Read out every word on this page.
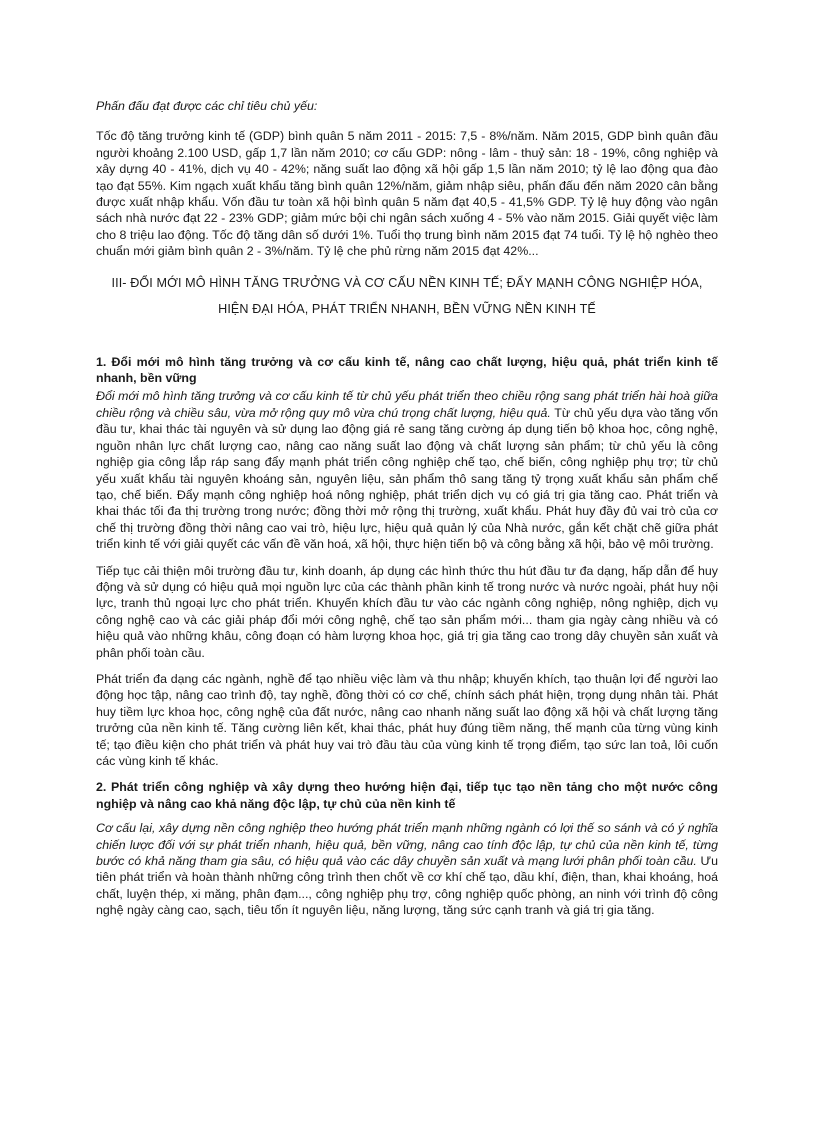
Phấn đấu đạt được các chỉ tiêu chủ yếu:

Tốc độ tăng trưởng kinh tế (GDP) bình quân 5 năm 2011 - 2015: 7,5 - 8%/năm. Năm 2015, GDP bình quân đầu người khoảng 2.100 USD, gấp 1,7 lần năm 2010; cơ cấu GDP: nông - lâm - thuỷ sản: 18 - 19%, công nghiệp và xây dựng 40 - 41%, dịch vụ 40 - 42%; năng suất lao động xã hội gấp 1,5 lần năm 2010; tỷ lệ lao động qua đào tạo đạt 55%. Kim ngạch xuất khẩu tăng bình quân 12%/năm, giảm nhập siêu, phấn đấu đến năm 2020 cân bằng được xuất nhập khẩu. Vốn đầu tư toàn xã hội bình quân 5 năm đạt 40,5 - 41,5% GDP. Tỷ lệ huy động vào ngân sách nhà nước đạt 22 - 23% GDP; giảm mức bội chi ngân sách xuống 4 - 5% vào năm 2015. Giải quyết việc làm cho 8 triệu lao động. Tốc độ tăng dân số dưới 1%. Tuổi thọ trung bình năm 2015 đạt 74 tuổi. Tỷ lệ hộ nghèo theo chuẩn mới giảm bình quân 2 - 3%/năm. Tỷ lệ che phủ rừng năm 2015 đạt 42%...

III- ĐỔI MỚI MÔ HÌNH TĂNG TRƯỞNG VÀ CƠ CẤU NỀN KINH TẾ; ĐẨY MẠNH CÔNG NGHIỆP HÓA,
HIỆN ĐẠI HÓA, PHÁT TRIỂN NHANH, BỀN VỮNG NỀN KINH TẾ

1. Đổi mới mô hình tăng trưởng và cơ cấu kinh tế, nâng cao chất lượng, hiệu quả, phát triển kinh tế nhanh, bền vững

Đổi mới mô hình tăng trưởng và cơ cấu kinh tế từ chủ yếu phát triển theo chiều rộng sang phát triển hài hoà giữa chiều rộng và chiều sâu, vừa mở rộng quy mô vừa chú trọng chất lượng, hiệu quả. Từ chủ yếu dựa vào tăng vốn đầu tư, khai thác tài nguyên và sử dụng lao động giá rẻ sang tăng cường áp dụng tiến bộ khoa học, công nghệ, nguồn nhân lực chất lượng cao, nâng cao năng suất lao động và chất lượng sản phẩm; từ chủ yếu là công nghiệp gia công lắp ráp sang đẩy mạnh phát triển công nghiệp chế tạo, chế biến, công nghiệp phụ trợ; từ chủ yếu xuất khẩu tài nguyên khoáng sản, nguyên liệu, sản phẩm thô sang tăng tỷ trọng xuất khẩu sản phẩm chế tạo, chế biến. Đẩy mạnh công nghiệp hoá nông nghiệp, phát triển dịch vụ có giá trị gia tăng cao. Phát triển và khai thác tối đa thị trường trong nước; đồng thời mở rộng thị trường, xuất khẩu. Phát huy đầy đủ vai trò của cơ chế thị trường đồng thời nâng cao vai trò, hiệu lực, hiệu quả quản lý của Nhà nước, gắn kết chặt chẽ giữa phát triển kinh tế với giải quyết các vấn đề văn hoá, xã hội, thực hiện tiến bộ và công bằng xã hội, bảo vệ môi trường.

Tiếp tục cải thiện môi trường đầu tư, kinh doanh, áp dụng các hình thức thu hút đầu tư đa dạng, hấp dẫn để huy động và sử dụng có hiệu quả mọi nguồn lực của các thành phần kinh tế trong nước và nước ngoài, phát huy nội lực, tranh thủ ngoại lực cho phát triển. Khuyến khích đầu tư vào các ngành công nghiệp, nông nghiệp, dịch vụ công nghệ cao và các giải pháp đổi mới công nghệ, chế tạo sản phẩm mới... tham gia ngày càng nhiều và có hiệu quả vào những khâu, công đoạn có hàm lượng khoa học, giá trị gia tăng cao trong dây chuyền sản xuất và phân phối toàn cầu.

Phát triển đa dạng các ngành, nghề để tạo nhiều việc làm và thu nhập; khuyến khích, tạo thuận lợi để người lao động học tập, nâng cao trình độ, tay nghề, đồng thời có cơ chế, chính sách phát hiện, trọng dụng nhân tài. Phát huy tiềm lực khoa học, công nghệ của đất nước, nâng cao nhanh năng suất lao động xã hội và chất lượng tăng trưởng của nền kinh tế. Tăng cường liên kết, khai thác, phát huy đúng tiềm năng, thế mạnh của từng vùng kinh tế; tạo điều kiện cho phát triển và phát huy vai trò đầu tàu của vùng kinh tế trọng điểm, tạo sức lan toả, lôi cuốn các vùng kinh tế khác.

2. Phát triển công nghiệp và xây dựng theo hướng hiện đại, tiếp tục tạo nền tảng cho một nước công nghiệp và nâng cao khả năng độc lập, tự chủ của nền kinh tế

Cơ cấu lại, xây dựng nền công nghiệp theo hướng phát triển mạnh những ngành có lợi thế so sánh và có ý nghĩa chiến lược đối với sự phát triển nhanh, hiệu quả, bền vững, nâng cao tính độc lập, tự chủ của nền kinh tế, từng bước có khả năng tham gia sâu, có hiệu quả vào các dây chuyền sản xuất và mạng lưới phân phối toàn cầu. Ưu tiên phát triển và hoàn thành những công trình then chốt về cơ khí chế tạo, dầu khí, điện, than, khai khoáng, hoá chất, luyện thép, xi măng, phân đạm..., công nghiệp phụ trợ, công nghiệp quốc phòng, an ninh với trình độ công nghệ ngày càng cao, sạch, tiêu tốn ít nguyên liệu, năng lượng, tăng sức cạnh tranh và giá trị gia tăng.
